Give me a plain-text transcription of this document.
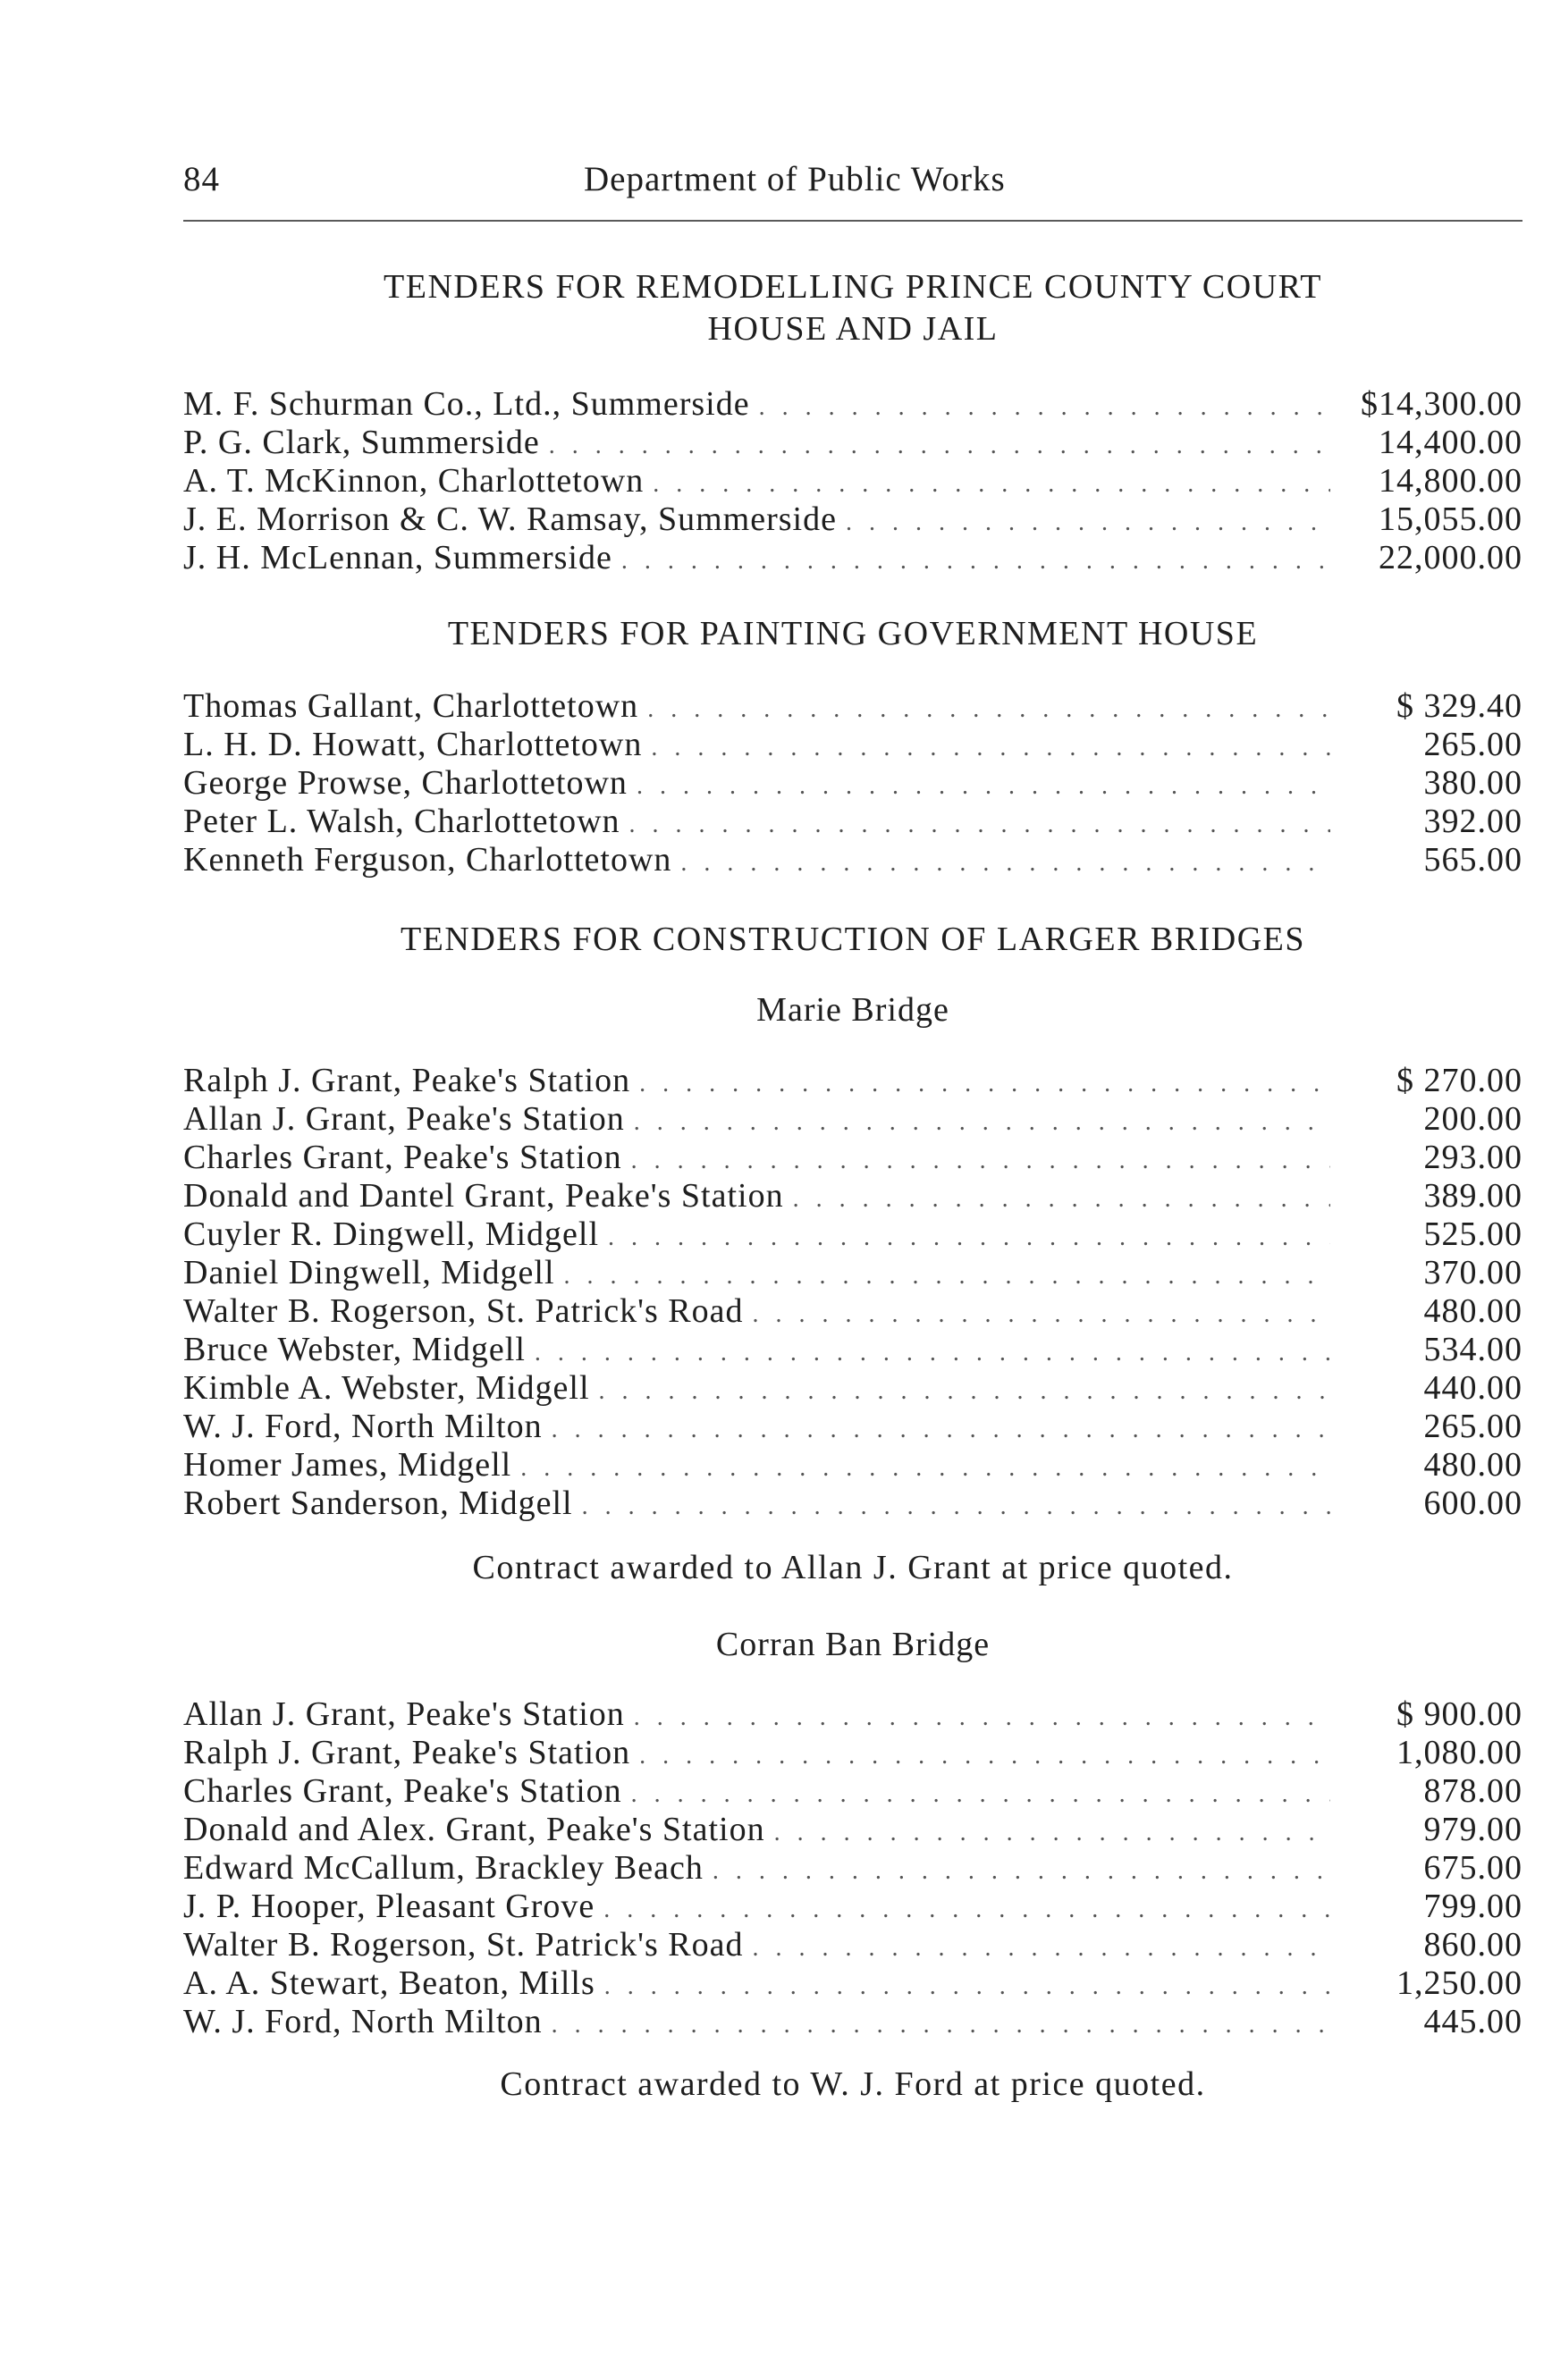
84	Department of Public Works
TENDERS FOR REMODELLING PRINCE COUNTY COURT
HOUSE AND JAIL
M. F. Schurman Co., Ltd., Summerside . . .	$14,300.00
P. G. Clark, Summerside . . .	14,400.00
A. T. McKinnon, Charlottetown . . .	14,800.00
J. E. Morrison & C. W. Ramsay, Summerside . . .	15,055.00
J. H. McLennan, Summerside . . .	22,000.00
TENDERS FOR PAINTING GOVERNMENT HOUSE
Thomas Gallant, Charlottetown . . .	$ 329.40
L. H. D. Howatt, Charlottetown . . .	265.00
George Prowse, Charlottetown . . .	380.00
Peter L. Walsh, Charlottetown . . .	392.00
Kenneth Ferguson, Charlottetown . . .	565.00
TENDERS FOR CONSTRUCTION OF LARGER BRIDGES
Marie Bridge
Ralph J. Grant, Peake's Station . . .	$ 270.00
Allan J. Grant, Peake's Station . . .	200.00
Charles Grant, Peake's Station . . .	293.00
Donald and Dantel Grant, Peake's Station . . .	389.00
Cuyler R. Dingwell, Midgell . . .	525.00
Daniel Dingwell, Midgell . . .	370.00
Walter B. Rogerson, St. Patrick's Road . . .	480.00
Bruce Webster, Midgell . . .	534.00
Kimble A. Webster, Midgell . . .	440.00
W. J. Ford, North Milton . . .	265.00
Homer James, Midgell . . .	480.00
Robert Sanderson, Midgell . . .	600.00
Contract awarded to Allan J. Grant at price quoted.
Corran Ban Bridge
Allan J. Grant, Peake's Station . . .	$ 900.00
Ralph J. Grant, Peake's Station . . .	1,080.00
Charles Grant, Peake's Station . . .	878.00
Donald and Alex. Grant, Peake's Station . . .	979.00
Edward McCallum, Brackley Beach . . .	675.00
J. P. Hooper, Pleasant Grove . . .	799.00
Walter B. Rogerson, St. Patrick's Road . . .	860.00
A. A. Stewart, Beaton, Mills . . .	1,250.00
W. J. Ford, North Milton . . .	445.00
Contract awarded to W. J. Ford at price quoted.
